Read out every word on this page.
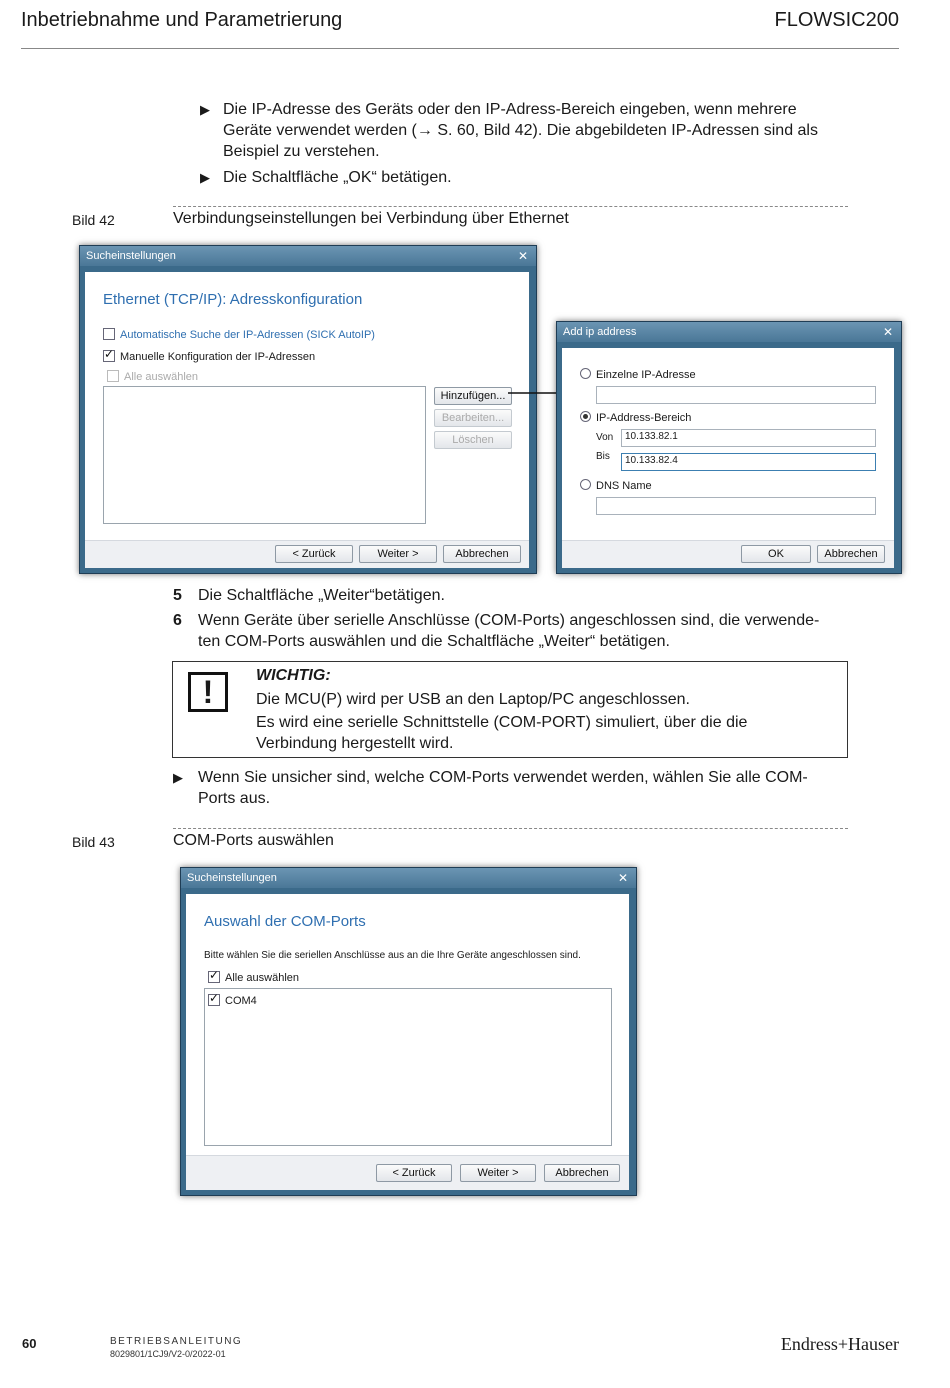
Inbetriebnahme und Parametrierung	FLOWSIC200
▶ Die IP-Adresse des Geräts oder den IP-Adress-Bereich eingeben, wenn mehrere
Geräte verwendet werden (→ S. 60, Bild 42). Die abgebildeten IP-Adressen sind als
Beispiel zu verstehen.
▶ Die Schaltfläche „OK“ betätigen.
Bild 42	Verbindungseinstellungen bei Verbindung über Ethernet
Sucheinstellungen	✕
Ethernet (TCP/IP): Adresskonfiguration
Automatische Suche der IP-Adressen (SICK AutoIP)
✓Manuelle Konfiguration der IP-Adressen
Alle auswählen
Hinzufügen...
Bearbeiten...
Löschen
< Zurück	Weiter >	Abbrechen
Add ip address	✕
Einzelne IP-Adresse
IP-Address-Bereich
Von	10.133.82.1
Bis	10.133.82.4
DNS Name
OK	Abbrechen
5 Die Schaltfläche „Weiter“betätigen.
6 Wenn Geräte über serielle Anschlüsse (COM-Ports) angeschlossen sind, die verwende-
ten COM-Ports auswählen und die Schaltfläche „Weiter“ betätigen.
!	WICHTIG:
Die MCU(P) wird per USB an den Laptop/PC angeschlossen.
Es wird eine serielle Schnittstelle (COM-PORT) simuliert, über die die
Verbindung hergestellt wird.
▶ Wenn Sie unsicher sind, welche COM-Ports verwendet werden, wählen Sie alle COM-
Ports aus.
Bild 43	COM-Ports auswählen
Sucheinstellungen	✕
Auswahl der COM-Ports
Bitte wählen Sie die seriellen Anschlüsse aus an die Ihre Geräte angeschlossen sind.
✓Alle auswählen
✓COM4
< Zurück	Weiter >	Abbrechen
60	BETRIEBSANLEITUNG
8029801/1CJ9/V2-0/2022-01	Endress+Hauser
